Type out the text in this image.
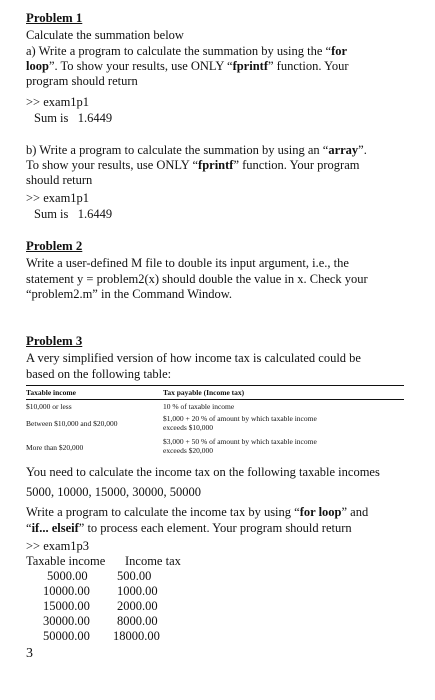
Problem 1
Calculate the summation below
a) Write a program to calculate the summation by using the “for
loop”. To show your results, use ONLY “fprintf” function. Your
program should return
>> exam1p1
Sum is   1.6449
b) Write a program to calculate the summation by using an “array”.
To show your results, use ONLY “fprintf” function. Your program
should return
>> exam1p1
Sum is   1.6449
Problem 2
Write a user-defined M file to double its input argument, i.e., the
statement y = problem2(x) should double the value in x. Check your
“problem2.m” in the Command Window.
Problem 3
A very simplified version of how income tax is calculated could be
based on the following table:
Taxable income	Tax payable (Income tax)
$10,000 or less	10 % of taxable income
Between $10,000 and $20,000
$1,000 + 20 % of amount by which taxable income
exceeds $10,000
More than $20,000
$3,000 + 50 % of amount by which taxable income
exceeds $20,000
You need to calculate the income tax on the following taxable incomes
5000, 10000, 15000, 30000, 50000
Write a program to calculate the income tax by using “for loop” and
“if... elseif” to process each element. Your program should return
>> exam1p3
Taxable income Income tax
5000.00 500.00
10000.00 1000.00
15000.00 2000.00
30000.00 8000.00
50000.00 18000.00
3
